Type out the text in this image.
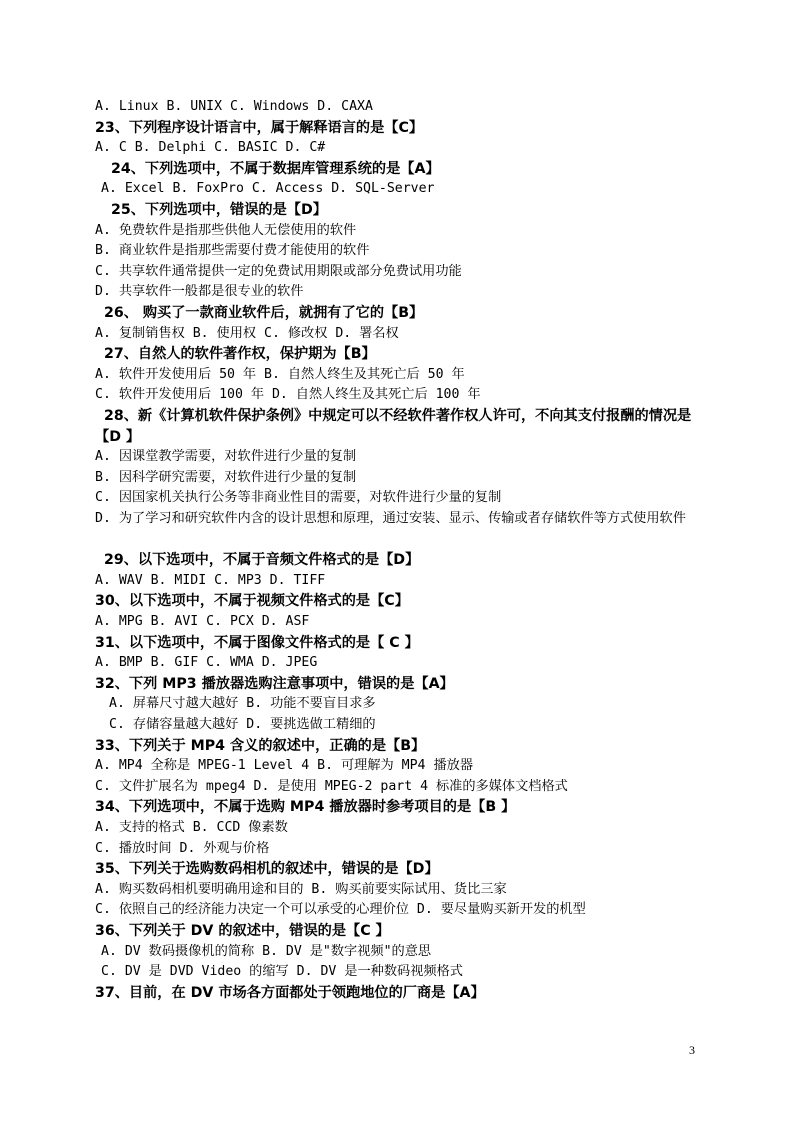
A. Linux B. UNIX C. Windows D. CAXA
23、下列程序设计语言中，属于解释语言的是【C】
A. C B. Delphi C. BASIC D. C#
24、下列选项中，不属于数据库管理系统的是【A】
A. Excel B. FoxPro C. Access D. SQL-Server
25、下列选项中，错误的是【D】
A. 免费软件是指那些供他人无偿使用的软件
B. 商业软件是指那些需要付费才能使用的软件
C. 共享软件通常提供一定的免费试用期限或部分免费试用功能
D. 共享软件一般都是很专业的软件
26、 购买了一款商业软件后，就拥有了它的【B】
A. 复制销售权 B. 使用权 C. 修改权 D. 署名权
27、自然人的软件著作权，保护期为【B】
A. 软件开发使用后 50 年 B. 自然人终生及其死亡后 50 年
C. 软件开发使用后 100 年 D. 自然人终生及其死亡后 100 年
28、新《计算机软件保护条例》中规定可以不经软件著作权人许可，不向其支付报酬的情况是【D 】
A. 因课堂教学需要，对软件进行少量的复制
B. 因科学研究需要，对软件进行少量的复制
C. 因国家机关执行公务等非商业性目的需要，对软件进行少量的复制
D. 为了学习和研究软件内含的设计思想和原理，通过安装、显示、传输或者存储软件等方式使用软件
29、以下选项中，不属于音频文件格式的是【D】
A. WAV B. MIDI C. MP3 D. TIFF
30、以下选项中，不属于视频文件格式的是【C】
A. MPG B. AVI C. PCX D. ASF
31、以下选项中，不属于图像文件格式的是【 C 】
A. BMP B. GIF C. WMA D. JPEG
32、下列 MP3 播放器选购注意事项中，错误的是【A】
A. 屏幕尺寸越大越好 B. 功能不要盲目求多
C. 存储容量越大越好 D. 要挑选做工精细的
33、下列关于 MP4 含义的叙述中，正确的是【B】
A. MP4 全称是 MPEG-1 Level 4 B. 可理解为 MP4 播放器
C. 文件扩展名为 mpeg4 D. 是使用 MPEG-2 part 4 标准的多媒体文档格式
34、下列选项中，不属于选购 MP4 播放器时参考项目的是【B 】
A. 支持的格式 B. CCD 像素数
C. 播放时间 D. 外观与价格
35、下列关于选购数码相机的叙述中，错误的是【D】
A. 购买数码相机要明确用途和目的 B. 购买前要实际试用、货比三家
C. 依照自己的经济能力决定一个可以承受的心理价位 D. 要尽量购买新开发的机型
36、下列关于 DV 的叙述中，错误的是【C 】
A. DV 数码摄像机的简称 B. DV 是"数字视频"的意思
C. DV 是 DVD Video 的缩写 D. DV 是一种数码视频格式
37、目前，在 DV 市场各方面都处于领跑地位的厂商是【A】
3
